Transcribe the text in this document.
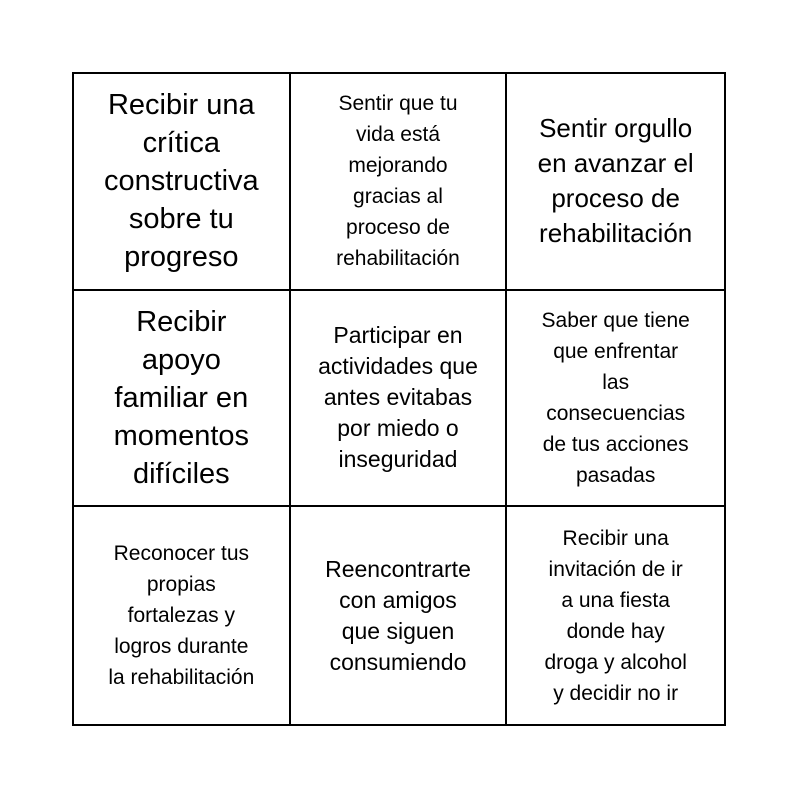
Recibir una
crítica
constructiva
sobre tu
progreso
Sentir que tu
vida está
mejorando
gracias al
proceso de
rehabilitación
Sentir orgullo
en avanzar el
proceso de
rehabilitación
Recibir
apoyo
familiar en
momentos
difíciles
Participar en
actividades que
antes evitabas
por miedo o
inseguridad
Saber que tiene
que enfrentar
las
consecuencias
de tus acciones
pasadas
Reconocer tus
propias
fortalezas y
logros durante
la rehabilitación
Reencontrarte
con amigos
que siguen
consumiendo
Recibir una
invitación de ir
a una fiesta
donde hay
droga y alcohol
y decidir no ir
